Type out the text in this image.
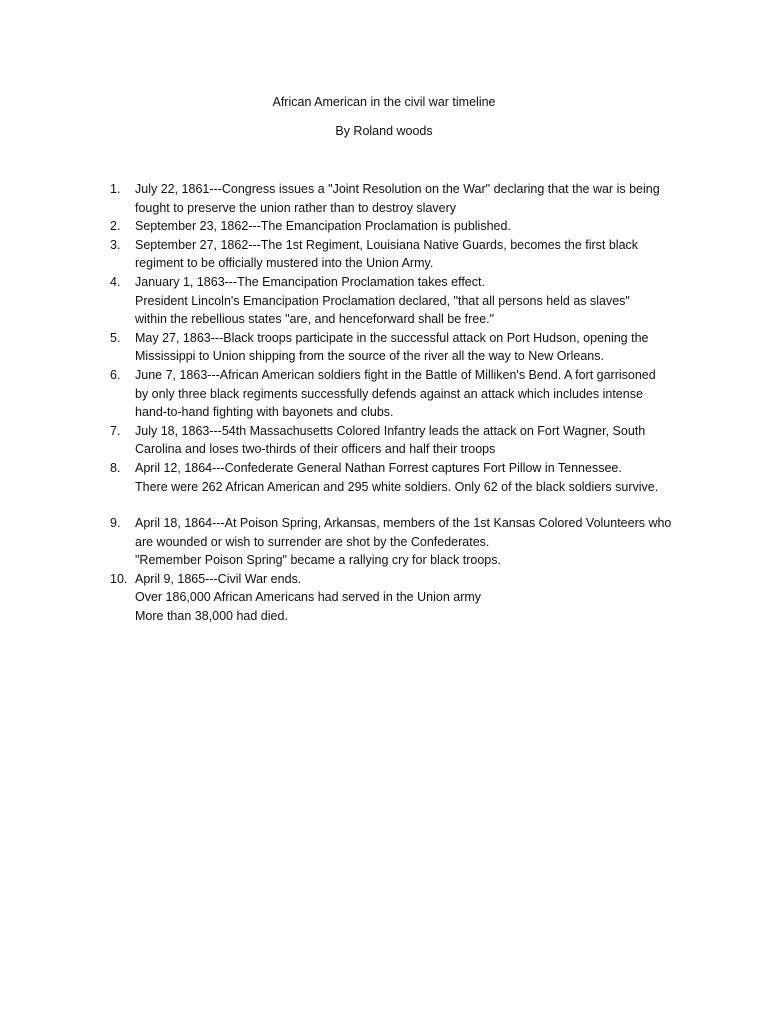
African American in the civil war timeline
By Roland woods
1.	July 22, 1861---Congress issues a "Joint Resolution on the War" declaring that the war is being
fought to preserve the union rather than to destroy slavery
2.	September 23, 1862---The Emancipation Proclamation is published.
3.	September 27, 1862---The 1st Regiment, Louisiana Native Guards, becomes the first black
regiment to be officially mustered into the Union Army.
4.	January 1, 1863---The Emancipation Proclamation takes effect.
President Lincoln's Emancipation Proclamation declared, "that all persons held as slaves"
within the rebellious states "are, and henceforward shall be free."
5.	May 27, 1863---Black troops participate in the successful attack on Port Hudson, opening the
Mississippi to Union shipping from the source of the river all the way to New Orleans.
6.	June 7, 1863---African American soldiers fight in the Battle of Milliken's Bend. A fort garrisoned
by only three black regiments successfully defends against an attack which includes intense
hand-to-hand fighting with bayonets and clubs.
7.	July 18, 1863---54th Massachusetts Colored Infantry leads the attack on Fort Wagner, South
Carolina and loses two-thirds of their officers and half their troops
8.	April 12, 1864---Confederate General Nathan Forrest captures Fort Pillow in Tennessee.
There were 262 African American and 295 white soldiers. Only 62 of the black soldiers survive.
9.	April 18, 1864---At Poison Spring, Arkansas, members of the 1st Kansas Colored Volunteers who
are wounded or wish to surrender are shot by the Confederates.
"Remember Poison Spring" became a rallying cry for black troops.
10. April 9, 1865---Civil War ends.
Over 186,000 African Americans had served in the Union army
More than 38,000 had died.
